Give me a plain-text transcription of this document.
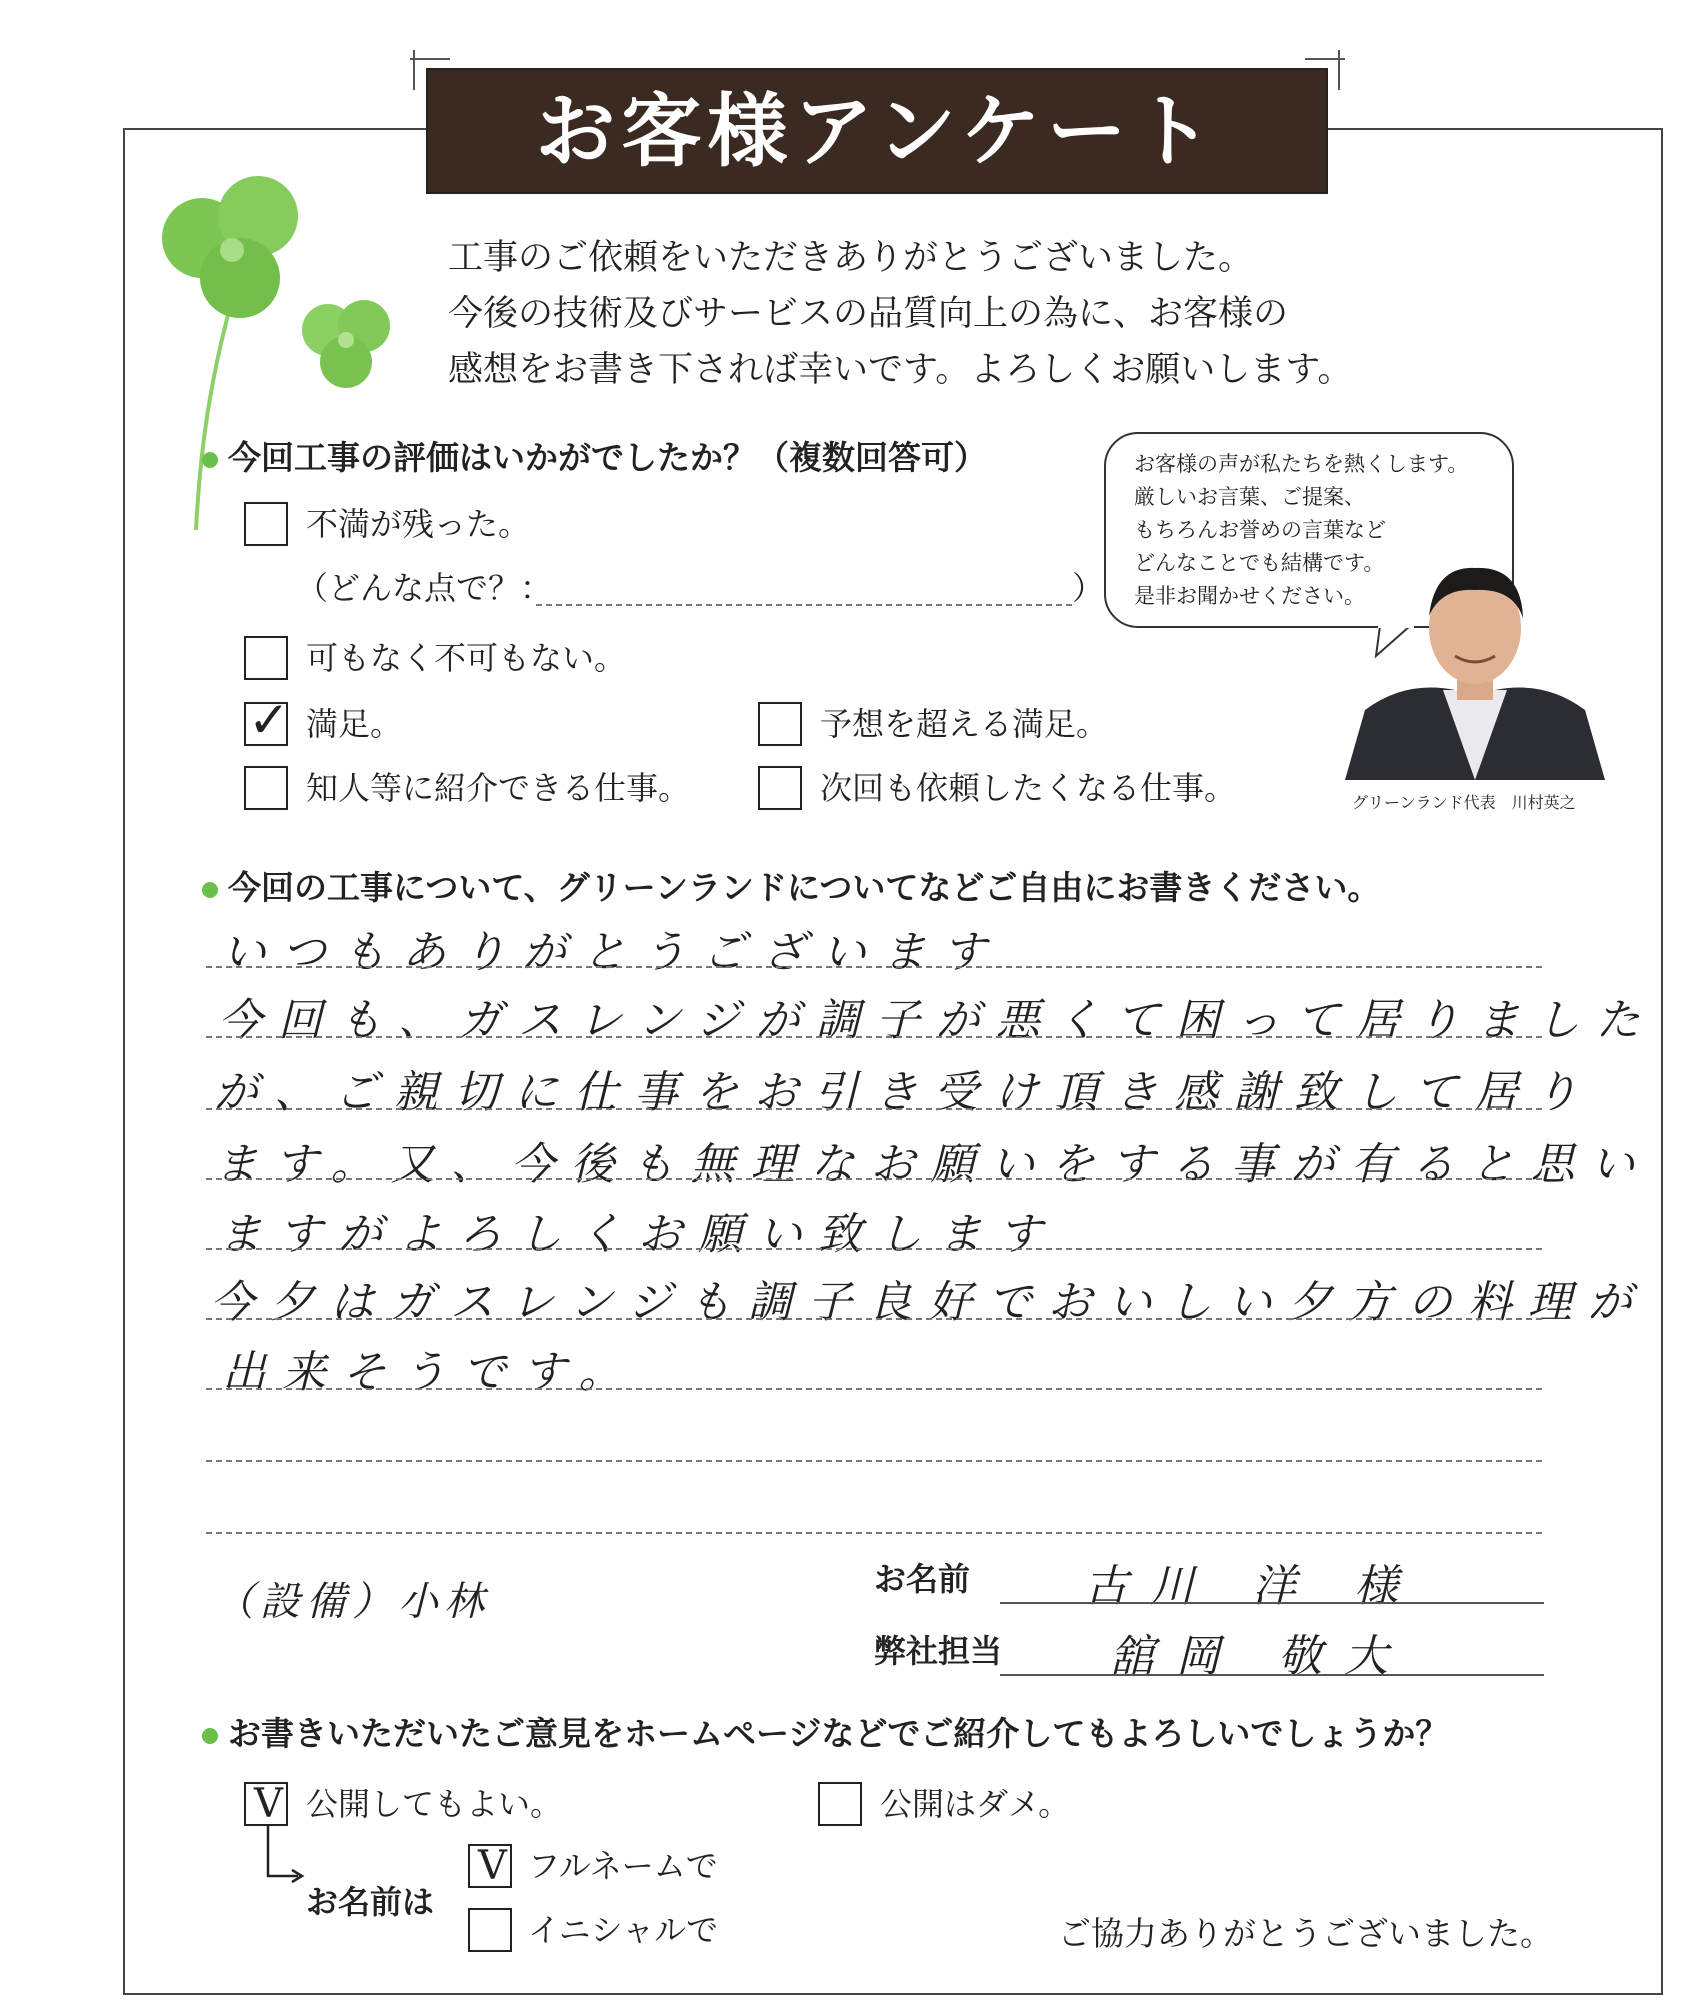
お客様アンケート
工事のご依頼をいただきありがとうございました。
今後の技術及びサービスの品質向上の為に、お客様の
感想をお書き下されば幸いです。よろしくお願いします。
今回工事の評価はいかがでしたか？（複数回答可）
不満が残った。
（どんな点で？：	）
可もなく不可もない。
✓ 満足。	予想を超える満足。
知人等に紹介できる仕事。	次回も依頼したくなる仕事。
お客様の声が私たちを熱くします。
厳しいお言葉、ご提案、
もちろんお誉めの言葉など
どんなことでも結構です。
是非お聞かせください。
グリーンランド代表　川村英之
今回の工事について、グリーンランドについてなどご自由にお書きください。
いつもありがとうございます
今回も、ガスレンジが調子が悪くて困って居りました
が、ご親切に仕事をお引き受け頂き感謝致して居り
ます。又、今後も無理なお願いをする事が有ると思い
ますがよろしくお願い致します
今夕はガスレンジも調子良好でおいしい夕方の料理が
出来そうです。
（設備）小林	お名前	古川 洋 様
弊社担当 舘岡 敬大
お書きいただいたご意見をホームページなどでご紹介してもよろしいでしょうか？
V 公開してもよい。	公開はダメ。
お名前は
V フルネームで
イニシャルで	ご協力ありがとうございました。
